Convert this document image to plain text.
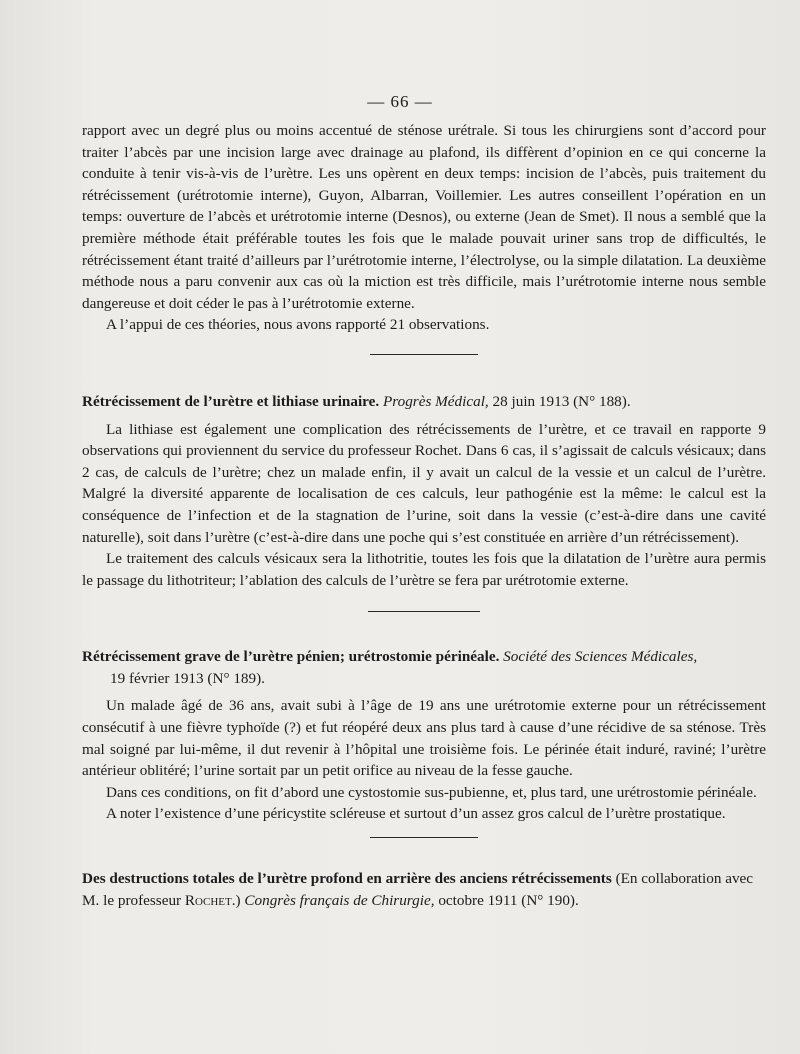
— 66 —

rapport avec un degré plus ou moins accentué de sténose urétrale. Si tous les chirurgiens sont d’accord pour traiter l’abcès par une incision large avec drainage au plafond, ils diffèrent d’opinion en ce qui concerne la conduite à tenir vis-à-vis de l’urètre. Les uns opèrent en deux temps: incision de l’abcès, puis traitement du rétrécissement (urétrotomie interne), Guyon, Albarran, Voillemier. Les autres conseillent l’opération en un temps: ouverture de l’abcès et urétrotomie interne (Desnos), ou externe (Jean de Smet). Il nous a semblé que la première méthode était préférable toutes les fois que le malade pouvait uriner sans trop de difficultés, le rétrécissement étant traité d’ailleurs par l’urétrotomie interne, l’électrolyse, ou la simple dilatation. La deuxième méthode nous a paru convenir aux cas où la miction est très difficile, mais l’urétrotomie interne nous semble dangereuse et doit céder le pas à l’urétrotomie externe.

A l’appui de ces théories, nous avons rapporté 21 observations.

Rétrécissement de l’urètre et lithiase urinaire. Progrès Médical, 28 juin 1913 (N° 188).

La lithiase est également une complication des rétrécissements de l’urètre, et ce travail en rapporte 9 observations qui proviennent du service du professeur Rochet. Dans 6 cas, il s’agissait de calculs vésicaux; dans 2 cas, de calculs de l’urètre; chez un malade enfin, il y avait un calcul de la vessie et un calcul de l’urètre. Malgré la diversité apparente de localisation de ces calculs, leur pathogénie est la même: le calcul est la conséquence de l’infection et de la stagnation de l’urine, soit dans la vessie (c’est-à-dire dans une cavité naturelle), soit dans l’urètre (c’est-à-dire dans une poche qui s’est constituée en arrière d’un rétrécissement).

Le traitement des calculs vésicaux sera la lithotritie, toutes les fois que la dilatation de l’urètre aura permis le passage du lithotriteur; l’ablation des calculs de l’urètre se fera par urétrotomie externe.

Rétrécissement grave de l’urètre pénien; urétrostomie périnéale. Société des Sciences Médicales,
19 février 1913 (N° 189).

Un malade âgé de 36 ans, avait subi à l’âge de 19 ans une urétrotomie externe pour un rétrécissement consécutif à une fièvre typhoïde (?) et fut réopéré deux ans plus tard à cause d’une récidive de sa sténose. Très mal soigné par lui-même, il dut revenir à l’hôpital une troisième fois. Le périnée était induré, raviné; l’urètre antérieur oblitéré; l’urine sortait par un petit orifice au niveau de la fesse gauche.

Dans ces conditions, on fit d’abord une cystostomie sus-pubienne, et, plus tard, une urétrostomie périnéale.

A noter l’existence d’une péricystite scléreuse et surtout d’un assez gros calcul de l’urètre prostatique.

Des destructions totales de l’urètre profond en arrière des anciens rétrécissements (En collaboration avec M. le professeur Rochet.) Congrès français de Chirurgie, octobre 1911 (N° 190).
